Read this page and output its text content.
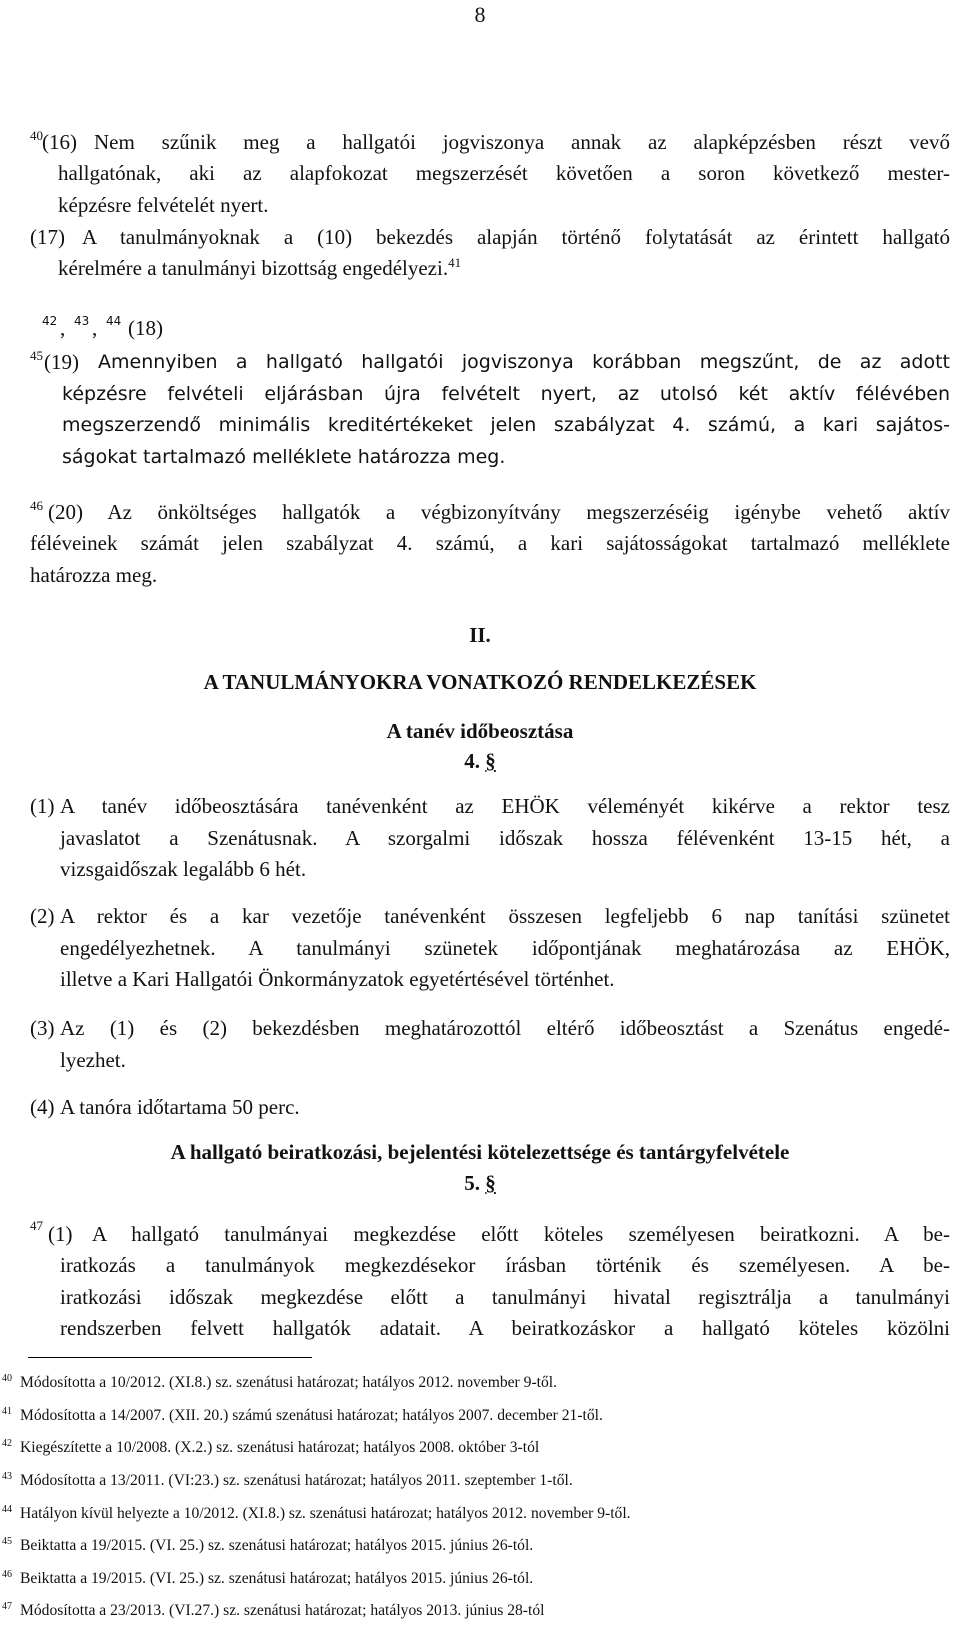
8
40 (16) Nem szűnik meg a hallgatói jogviszonya annak az alapképzésben részt vevő
hallgatónak, aki az alapfokozat megszerzését követően a soron következő mester-
képzésre felvételét nyert.
(17) A tanulmányoknak a (10) bekezdés alapján történő folytatását az érintett hallgató
kérelmére a tanulmányi bizottság engedélyezi.$^{41}$
42 , 43 , 44 (18)
45 (19) Amennyiben a hallgató hallgatói jogviszonya korábban megszűnt, de az adott
képzésre felvételi eljárásban újra felvételt nyert, az utolsó két aktív félévében
megszerzendő minimális kreditértékeket jelen szabályzat 4. számú, a kari sajátos-
ságokat tartalmazó melléklete határozza meg.
46 (20) Az önköltséges hallgatók a végbizonyítvány megszerzéséig igénybe vehető aktív
féléveinek számát jelen szabályzat 4. számú, a kari sajátosságokat tartalmazó melléklete
határozza meg.
II.
A TANULMÁNYOKRA VONATKOZÓ RENDELKEZÉSEK
A tanév időbeosztása
4. §
(1) A tanév időbeosztására tanévenként az EHÖK véleményét kikérve a rektor tesz
javaslatot a Szenátusnak. A szorgalmi időszak hossza félévenként 13-15 hét, a
vizsgaidőszak legalább 6 hét.
(2) A rektor és a kar vezetője tanévenként összesen legfeljebb 6 nap tanítási szünetet
engedélyezhetnek. A tanulmányi szünetek időpontjának meghatározása az EHÖK,
illetve a Kari Hallgatói Önkormányzatok egyetértésével történhet.
(3) Az (1) és (2) bekezdésben meghatározottól eltérő időbeosztást a Szenátus engedé-
lyezhet.
(4) A tanóra időtartama 50 perc.
A hallgató beiratkozási, bejelentési kötelezettsége és tantárgyfelvétele
5. §
47 (1) A hallgató tanulmányai megkezdése előtt köteles személyesen beiratkozni. A be-
iratkozás a tanulmányok megkezdésekor írásban történik és személyesen. A be-
iratkozási időszak megkezdése előtt a tanulmányi hivatal regisztrálja a tanulmányi
rendszerben felvett hallgatók adatait. A beiratkozáskor a hallgató köteles közölni
40 Módosította a 10/2012. (XI.8.) sz. szenátusi határozat; hatályos 2012. november 9-től.
41 Módosította a 14/2007. (XII. 20.) számú szenátusi határozat; hatályos 2007. december 21-től.
42 Kiegészítette a 10/2008. (X.2.) sz. szenátusi határozat; hatályos 2008. október 3-tól
43 Módosította a 13/2011. (VI:23.) sz. szenátusi határozat; hatályos 2011. szeptember 1-től.
44 Hatályon kívül helyezte a 10/2012. (XI.8.) sz. szenátusi határozat; hatályos 2012. november 9-től.
45 Beiktatta a 19/2015. (VI. 25.) sz. szenátusi határozat; hatályos 2015. június 26-tól.
46 Beiktatta a 19/2015. (VI. 25.) sz. szenátusi határozat; hatályos 2015. június 26-tól.
47 Módosította a 23/2013. (VI.27.) sz. szenátusi határozat; hatályos 2013. június 28-tól
